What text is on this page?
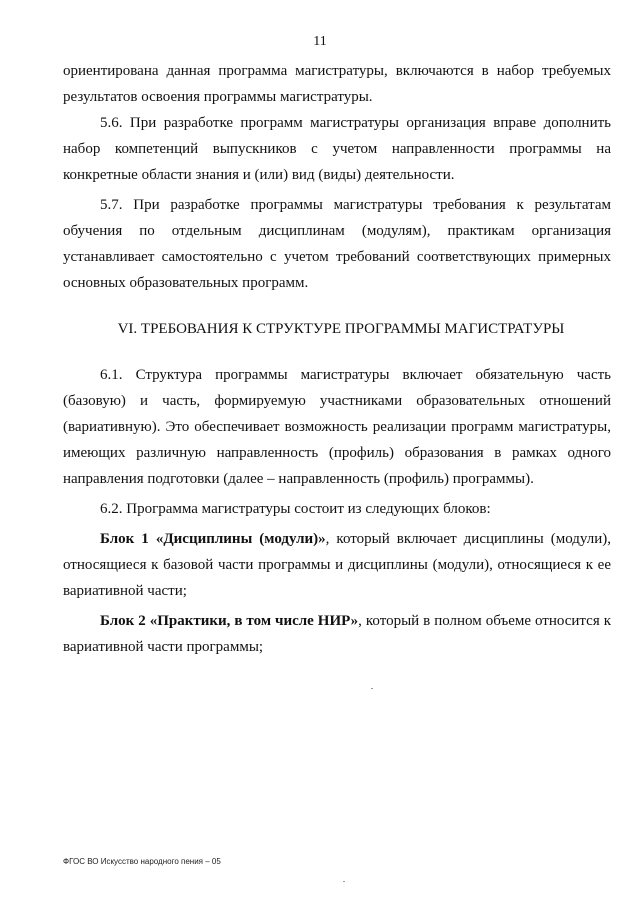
11

ориентирована данная программа магистратуры, включаются в набор требуемых результатов освоения программы магистратуры.

5.6. При разработке программ магистратуры организация вправе дополнить набор компетенций выпускников с учетом направленности программы на конкретные области знания и (или) вид (виды) деятельности.

5.7. При разработке программы магистратуры требования к результатам обучения по отдельным дисциплинам (модулям), практикам организация устанавливает самостоятельно с учетом требований соответствующих примерных основных образовательных программ.

VI. ТРЕБОВАНИЯ К СТРУКТУРЕ ПРОГРАММЫ МАГИСТРАТУРЫ

6.1. Структура программы магистратуры включает обязательную часть (базовую) и часть, формируемую участниками образовательных отношений (вариативную). Это обеспечивает возможность реализации программ магистратуры, имеющих различную направленность (профиль) образования в рамках одного направления подготовки (далее – направленность (профиль) программы).

6.2. Программа магистратуры состоит из следующих блоков:

Блок 1 «Дисциплины (модули)», который включает дисциплины (модули), относящиеся к базовой части программы и дисциплины (модули), относящиеся к ее вариативной части;

Блок 2 «Практики, в том числе НИР», который в полном объеме относится к вариативной части программы;

ФГОС ВО Искусство народного пения – 05
